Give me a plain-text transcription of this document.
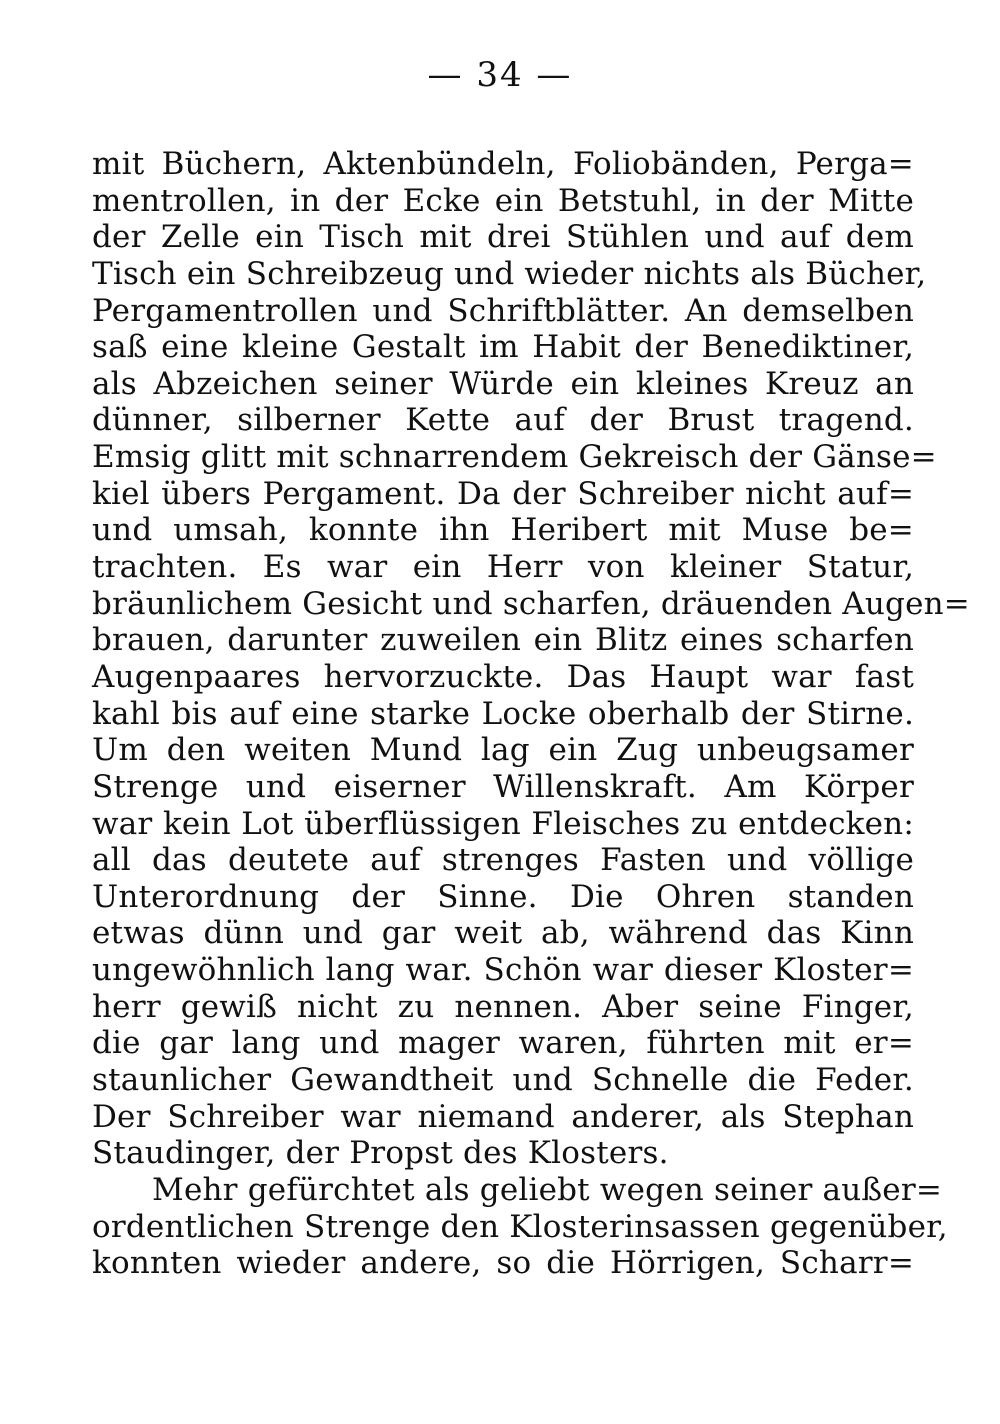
— 34 —
mit Büchern, Aktenbündeln, Foliobänden, Perga=
mentrollen, in der Ecke ein Betstuhl, in der Mitte
der Zelle ein Tisch mit drei Stühlen und auf dem
Tisch ein Schreibzeug und wieder nichts als Bücher,
Pergamentrollen und Schriftblätter. An demselben
saß eine kleine Gestalt im Habit der Benediktiner,
als Abzeichen seiner Würde ein kleines Kreuz an
dünner, silberner Kette auf der Brust tragend.
Emsig glitt mit schnarrendem Gekreisch der Gänse=
kiel übers Pergament. Da der Schreiber nicht auf=
und umsah, konnte ihn Heribert mit Muse be=
trachten. Es war ein Herr von kleiner Statur,
bräunlichem Gesicht und scharfen, dräuenden Augen=
brauen, darunter zuweilen ein Blitz eines scharfen
Augenpaares hervorzuckte. Das Haupt war fast
kahl bis auf eine starke Locke oberhalb der Stirne.
Um den weiten Mund lag ein Zug unbeugsamer
Strenge und eiserner Willenskraft. Am Körper
war kein Lot überflüssigen Fleisches zu entdecken:
all das deutete auf strenges Fasten und völlige
Unterordnung der Sinne. Die Ohren standen
etwas dünn und gar weit ab, während das Kinn
ungewöhnlich lang war. Schön war dieser Kloster=
herr gewiß nicht zu nennen. Aber seine Finger,
die gar lang und mager waren, führten mit er=
staunlicher Gewandtheit und Schnelle die Feder.
Der Schreiber war niemand anderer, als Stephan
Staudinger, der Propst des Klosters.
Mehr gefürchtet als geliebt wegen seiner außer=
ordentlichen Strenge den Klosterinsassen gegenüber,
konnten wieder andere, so die Hörrigen, Scharr=
